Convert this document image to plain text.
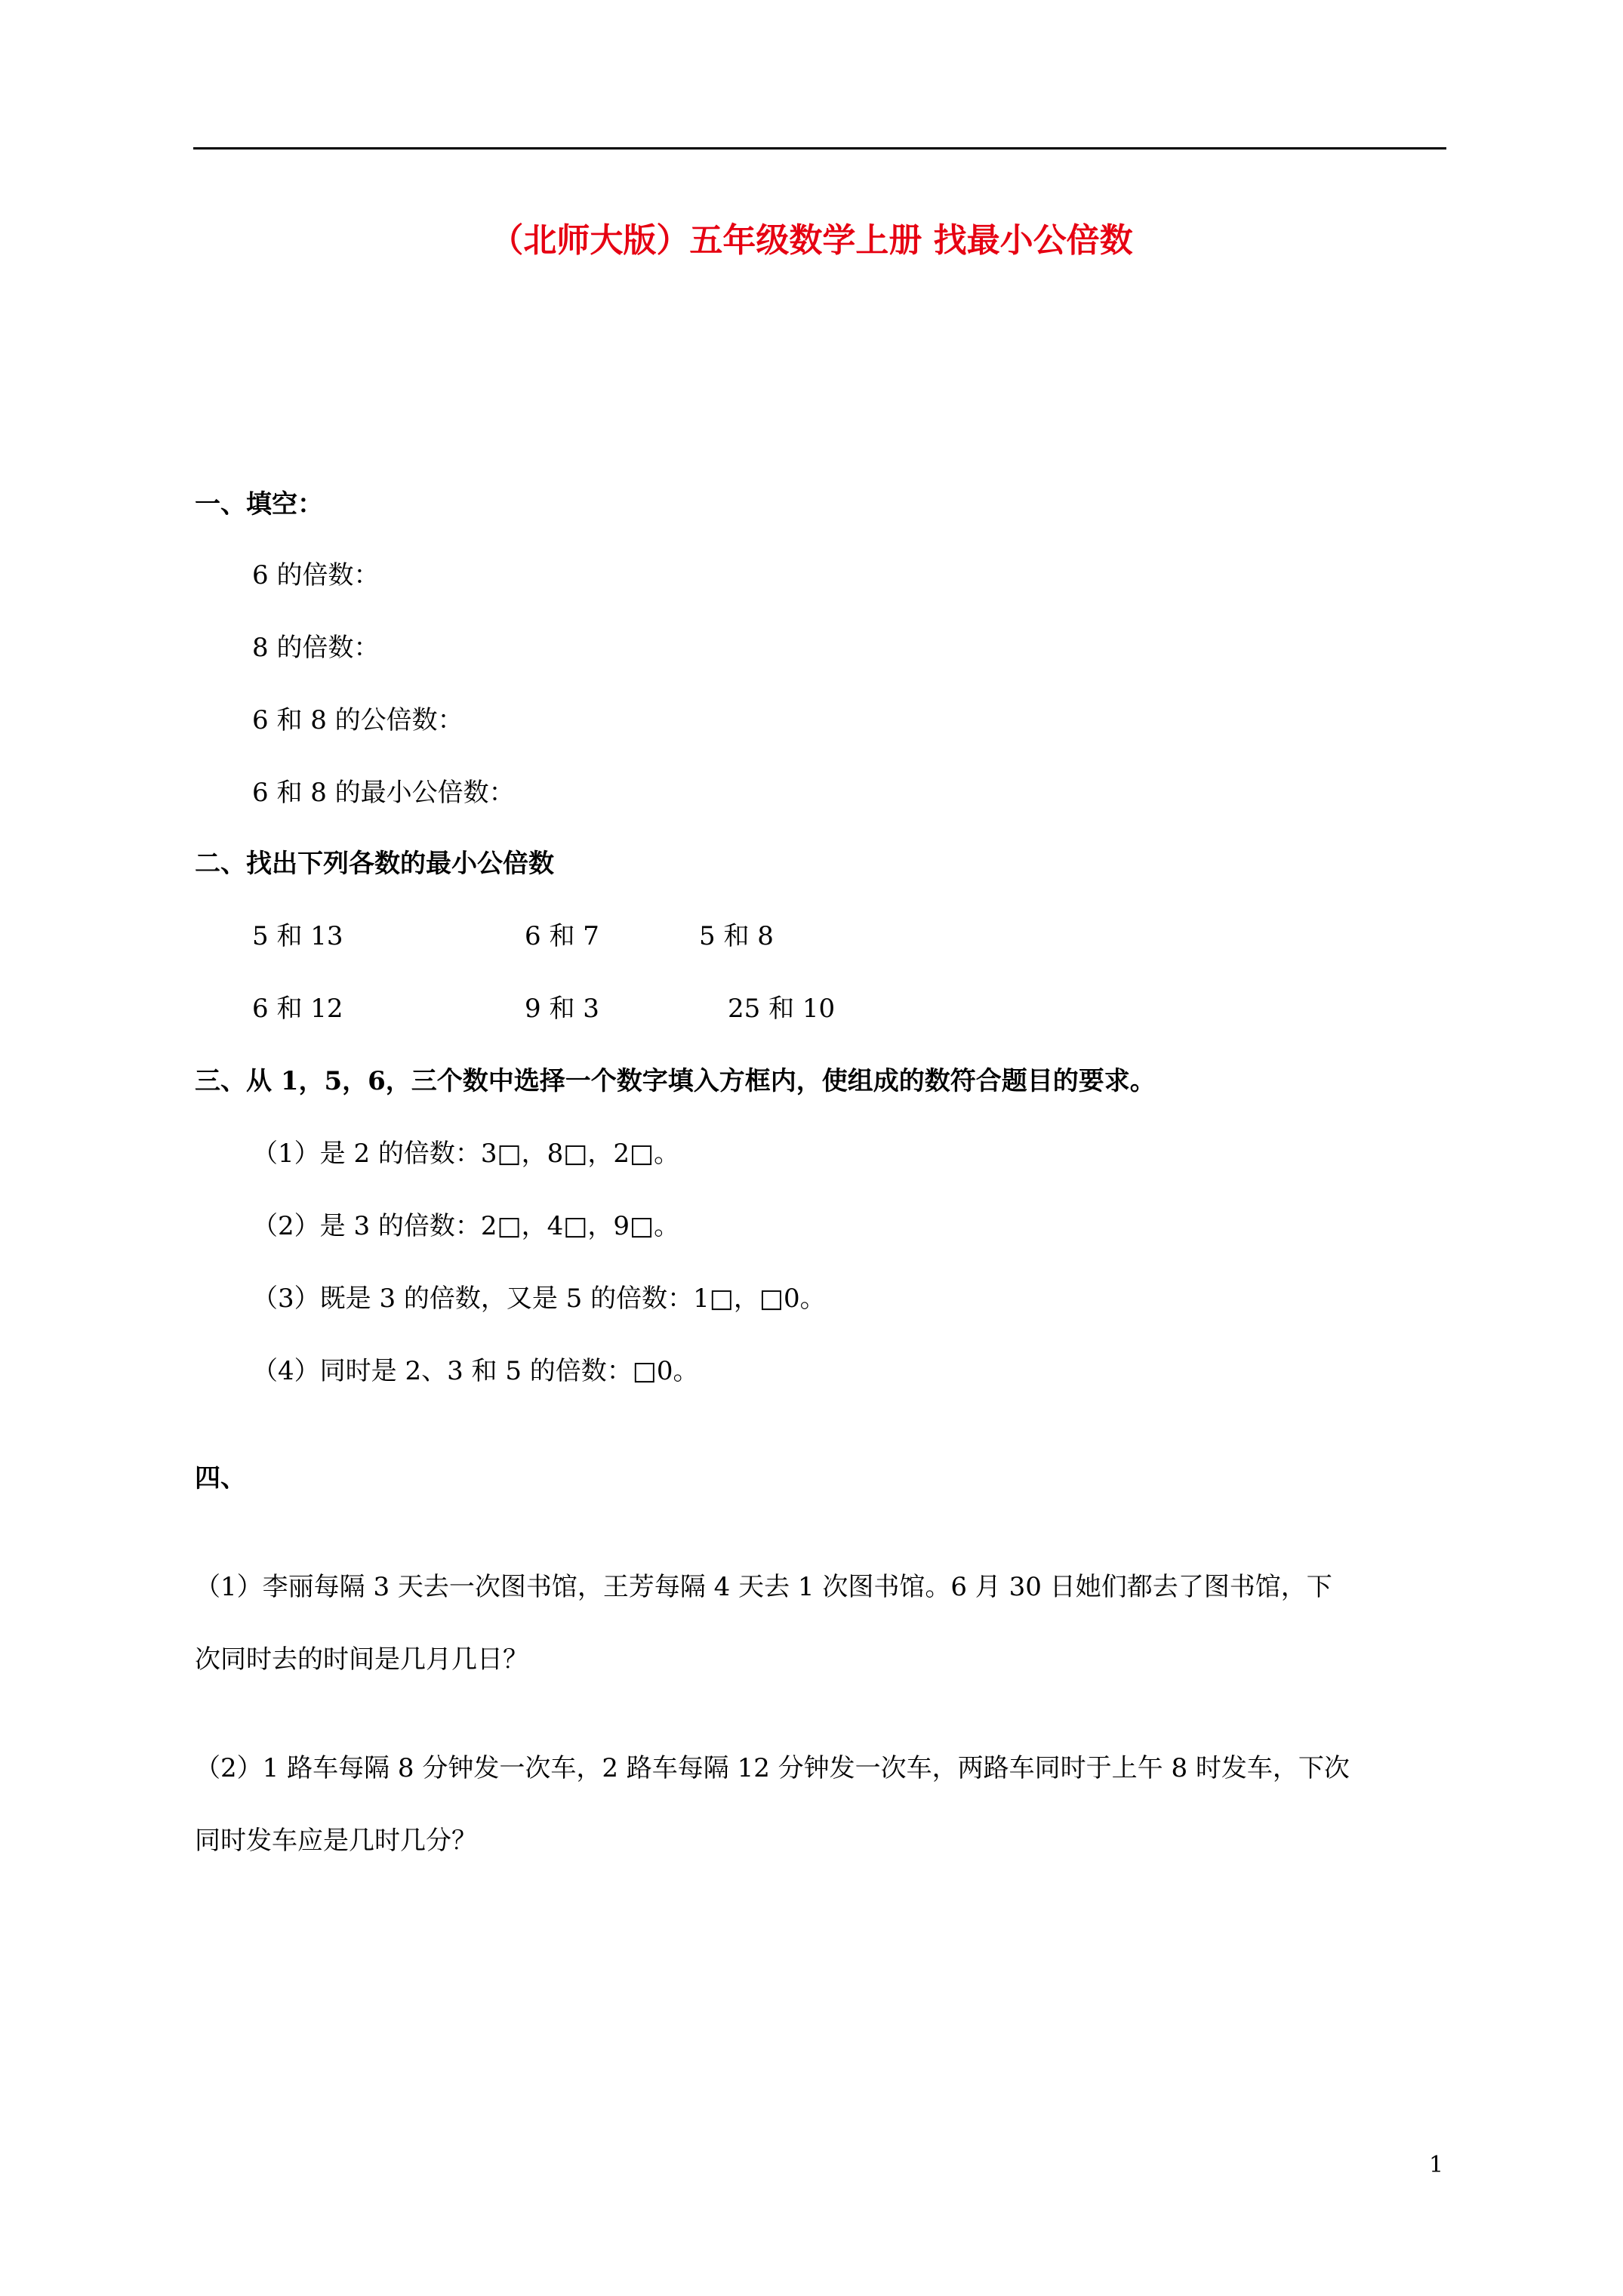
（北师大版）五年级数学上册 找最小公倍数
一、填空：
6 的倍数：
8 的倍数：
6 和 8 的公倍数：
6 和 8 的最小公倍数：
二、找出下列各数的最小公倍数
5 和 13	6 和 7	5 和 8
6 和 12	9 和 3	25 和 10
三、从 1，5，6，三个数中选择一个数字填入方框内，使组成的数符合题目的要求。
（1）是 2 的倍数：3□，8□，2□。
（2）是 3 的倍数：2□，4□，9□。
（3）既是 3 的倍数，又是 5 的倍数：1□，□0。
（4）同时是 2、3 和 5 的倍数：□0。
四、
（1）李丽每隔 3 天去一次图书馆，王芳每隔 4 天去 1 次图书馆。6 月 30 日她们都去了图书馆，下
次同时去的时间是几月几日？
（2）1 路车每隔 8 分钟发一次车，2 路车每隔 12 分钟发一次车，两路车同时于上午 8 时发车，下次
同时发车应是几时几分？
1
